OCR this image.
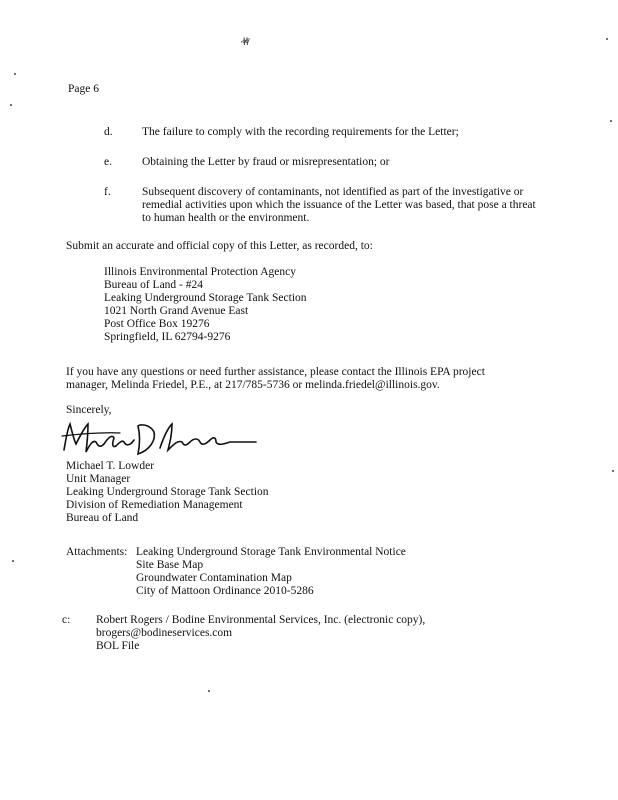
·ꬹꬹ'
Page 6
d.	The failure to comply with the recording requirements for the Letter;
e.	Obtaining the Letter by fraud or misrepresentation; or
f.	Subsequent discovery of contaminants, not identified as part of the investigative or remedial activities upon which the issuance of the Letter was based, that pose a threat to human health or the environment.
Submit an accurate and official copy of this Letter, as recorded, to:
Illinois Environmental Protection Agency
Bureau of Land - #24
Leaking Underground Storage Tank Section
1021 North Grand Avenue East
Post Office Box 19276
Springfield, IL 62794-9276
If you have any questions or need further assistance, please contact the Illinois EPA project
manager, Melinda Friedel, P.E., at 217/785-5736 or melinda.friedel@illinois.gov.
Sincerely,
Michael T. Lowder
Unit Manager
Leaking Underground Storage Tank Section
Division of Remediation Management
Bureau of Land
Attachments: Leaking Underground Storage Tank Environmental Notice
Site Base Map
Groundwater Contamination Map
City of Mattoon Ordinance 2010-5286
c: Robert Rogers / Bodine Environmental Services, Inc. (electronic copy),
brogers@bodineservices.com
BOL File
